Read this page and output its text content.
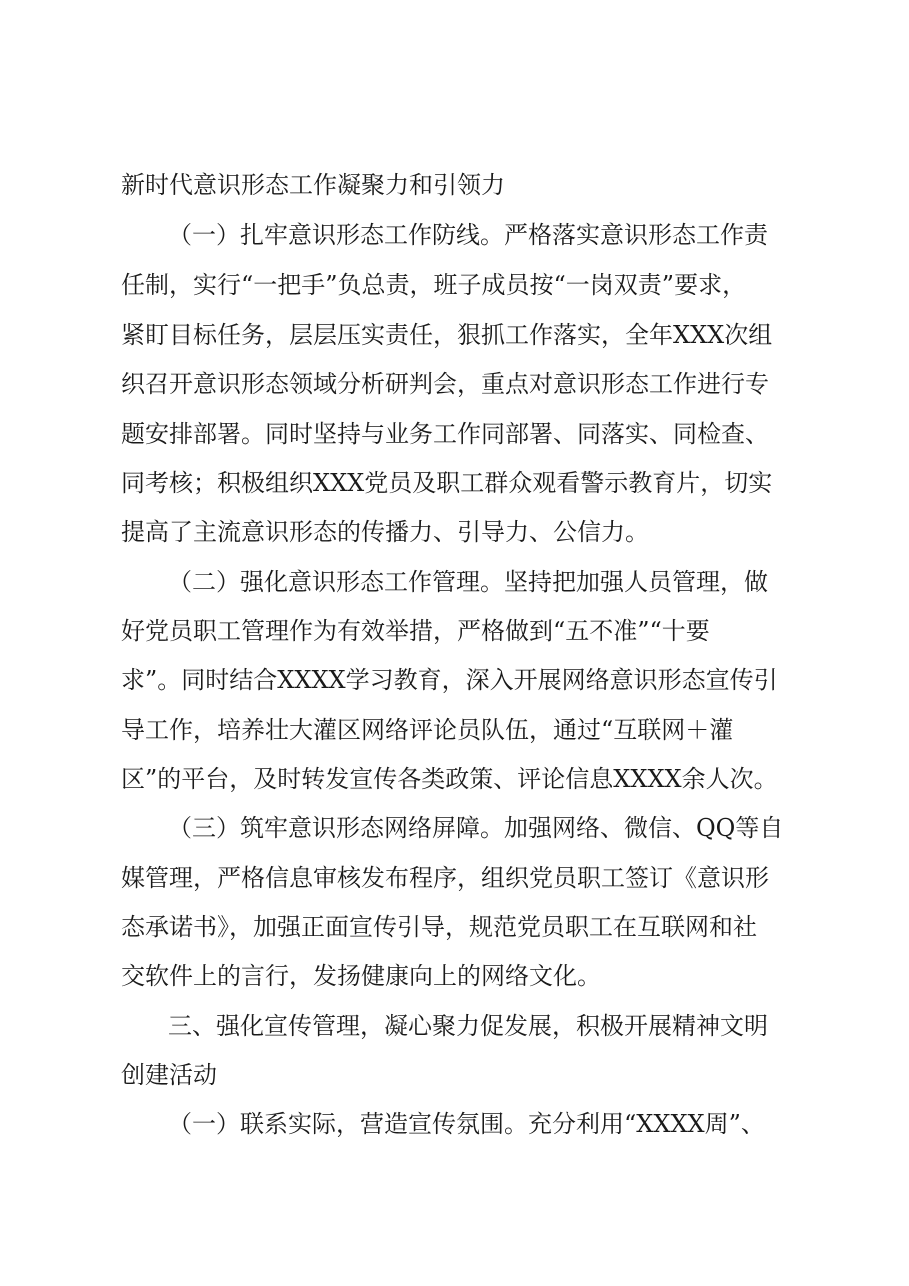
新时代意识形态工作凝聚力和引领力
（一）扎牢意识形态工作防线。严格落实意识形态工作责
任制，实行“一把手”负总责，班子成员按“一岗双责”要求，
紧盯目标任务，层层压实责任，狠抓工作落实，全年XXX次组
织召开意识形态领域分析研判会，重点对意识形态工作进行专
题安排部署。同时坚持与业务工作同部署、同落实、同检查、
同考核；积极组织XXX党员及职工群众观看警示教育片，切实
提高了主流意识形态的传播力、引导力、公信力。
（二）强化意识形态工作管理。坚持把加强人员管理，做
好党员职工管理作为有效举措，严格做到“五不准”“十要
求”。同时结合XXXX学习教育，深入开展网络意识形态宣传引
导工作，培养壮大灌区网络评论员队伍，通过“互联网＋灌
区”的平台，及时转发宣传各类政策、评论信息XXXX余人次。
（三）筑牢意识形态网络屏障。加强网络、微信、QQ等自
媒管理，严格信息审核发布程序，组织党员职工签订《意识形
态承诺书》，加强正面宣传引导，规范党员职工在互联网和社
交软件上的言行，发扬健康向上的网络文化。
三、强化宣传管理，凝心聚力促发展，积极开展精神文明
创建活动
（一）联系实际，营造宣传氛围。充分利用“XXXX周”、
